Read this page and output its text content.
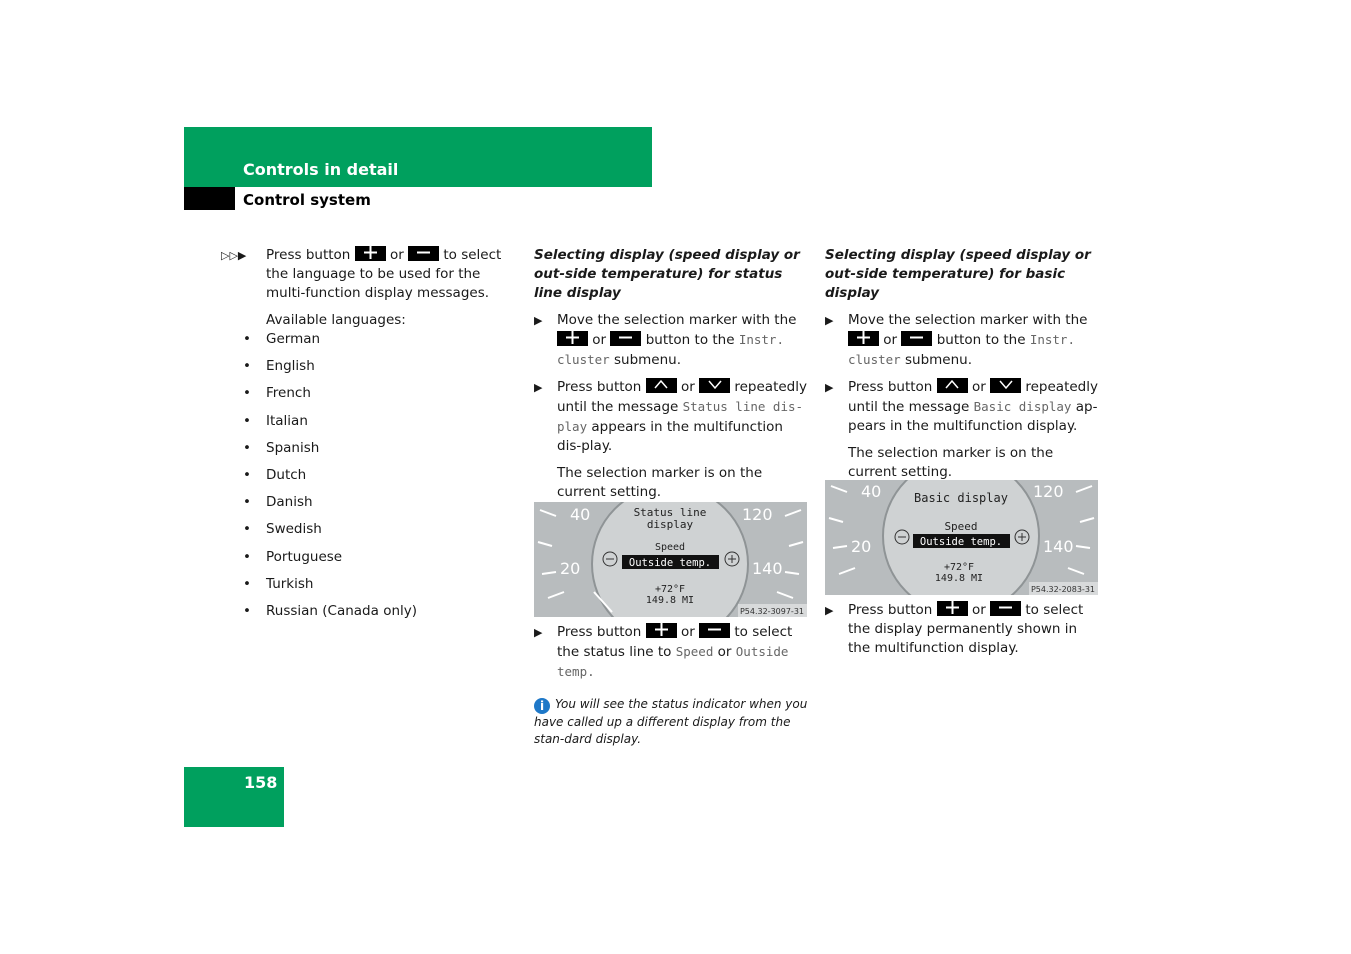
Controls in detail
Control system
▷▷▶ Press button	or	to select the language to be used for the multi-function display messages.

Available languages:

• German
• English
• French
• Italian
• Spanish
• Dutch
• Danish
• Swedish
• Portuguese
• Turkish
• Russian (Canada only)

Selecting display (speed display or out-side temperature) for status line display

▶ Move the selection marker with the
or	button to the Instr. cluster submenu.
▶ Press button	or	repeatedly until the message Status line dis-play appears in the multifunction dis-play.

The selection marker is on the current setting.

40
20
120
140
Status line
display
Speed
Outside temp.
+72°F
149.8 MI
P54.32-3097-31
▶ Press button	or	to select the status line to Speed or Outside temp.

i You will see the status indicator when you have called up a different display from the stan-dard display.

Selecting display (speed display or out-side temperature) for basic display

▶ Move the selection marker with the
or	button to the Instr. cluster submenu.
▶ Press button	or	repeatedly until the message Basic display ap-pears in the multifunction display.

The selection marker is on the current setting.

40
20
120
140
Basic display
Speed
Outside temp.
+72°F
149.8 MI
P54.32-2083-31
▶ Press button	or	to select the display permanently shown in the multifunction display.
158
